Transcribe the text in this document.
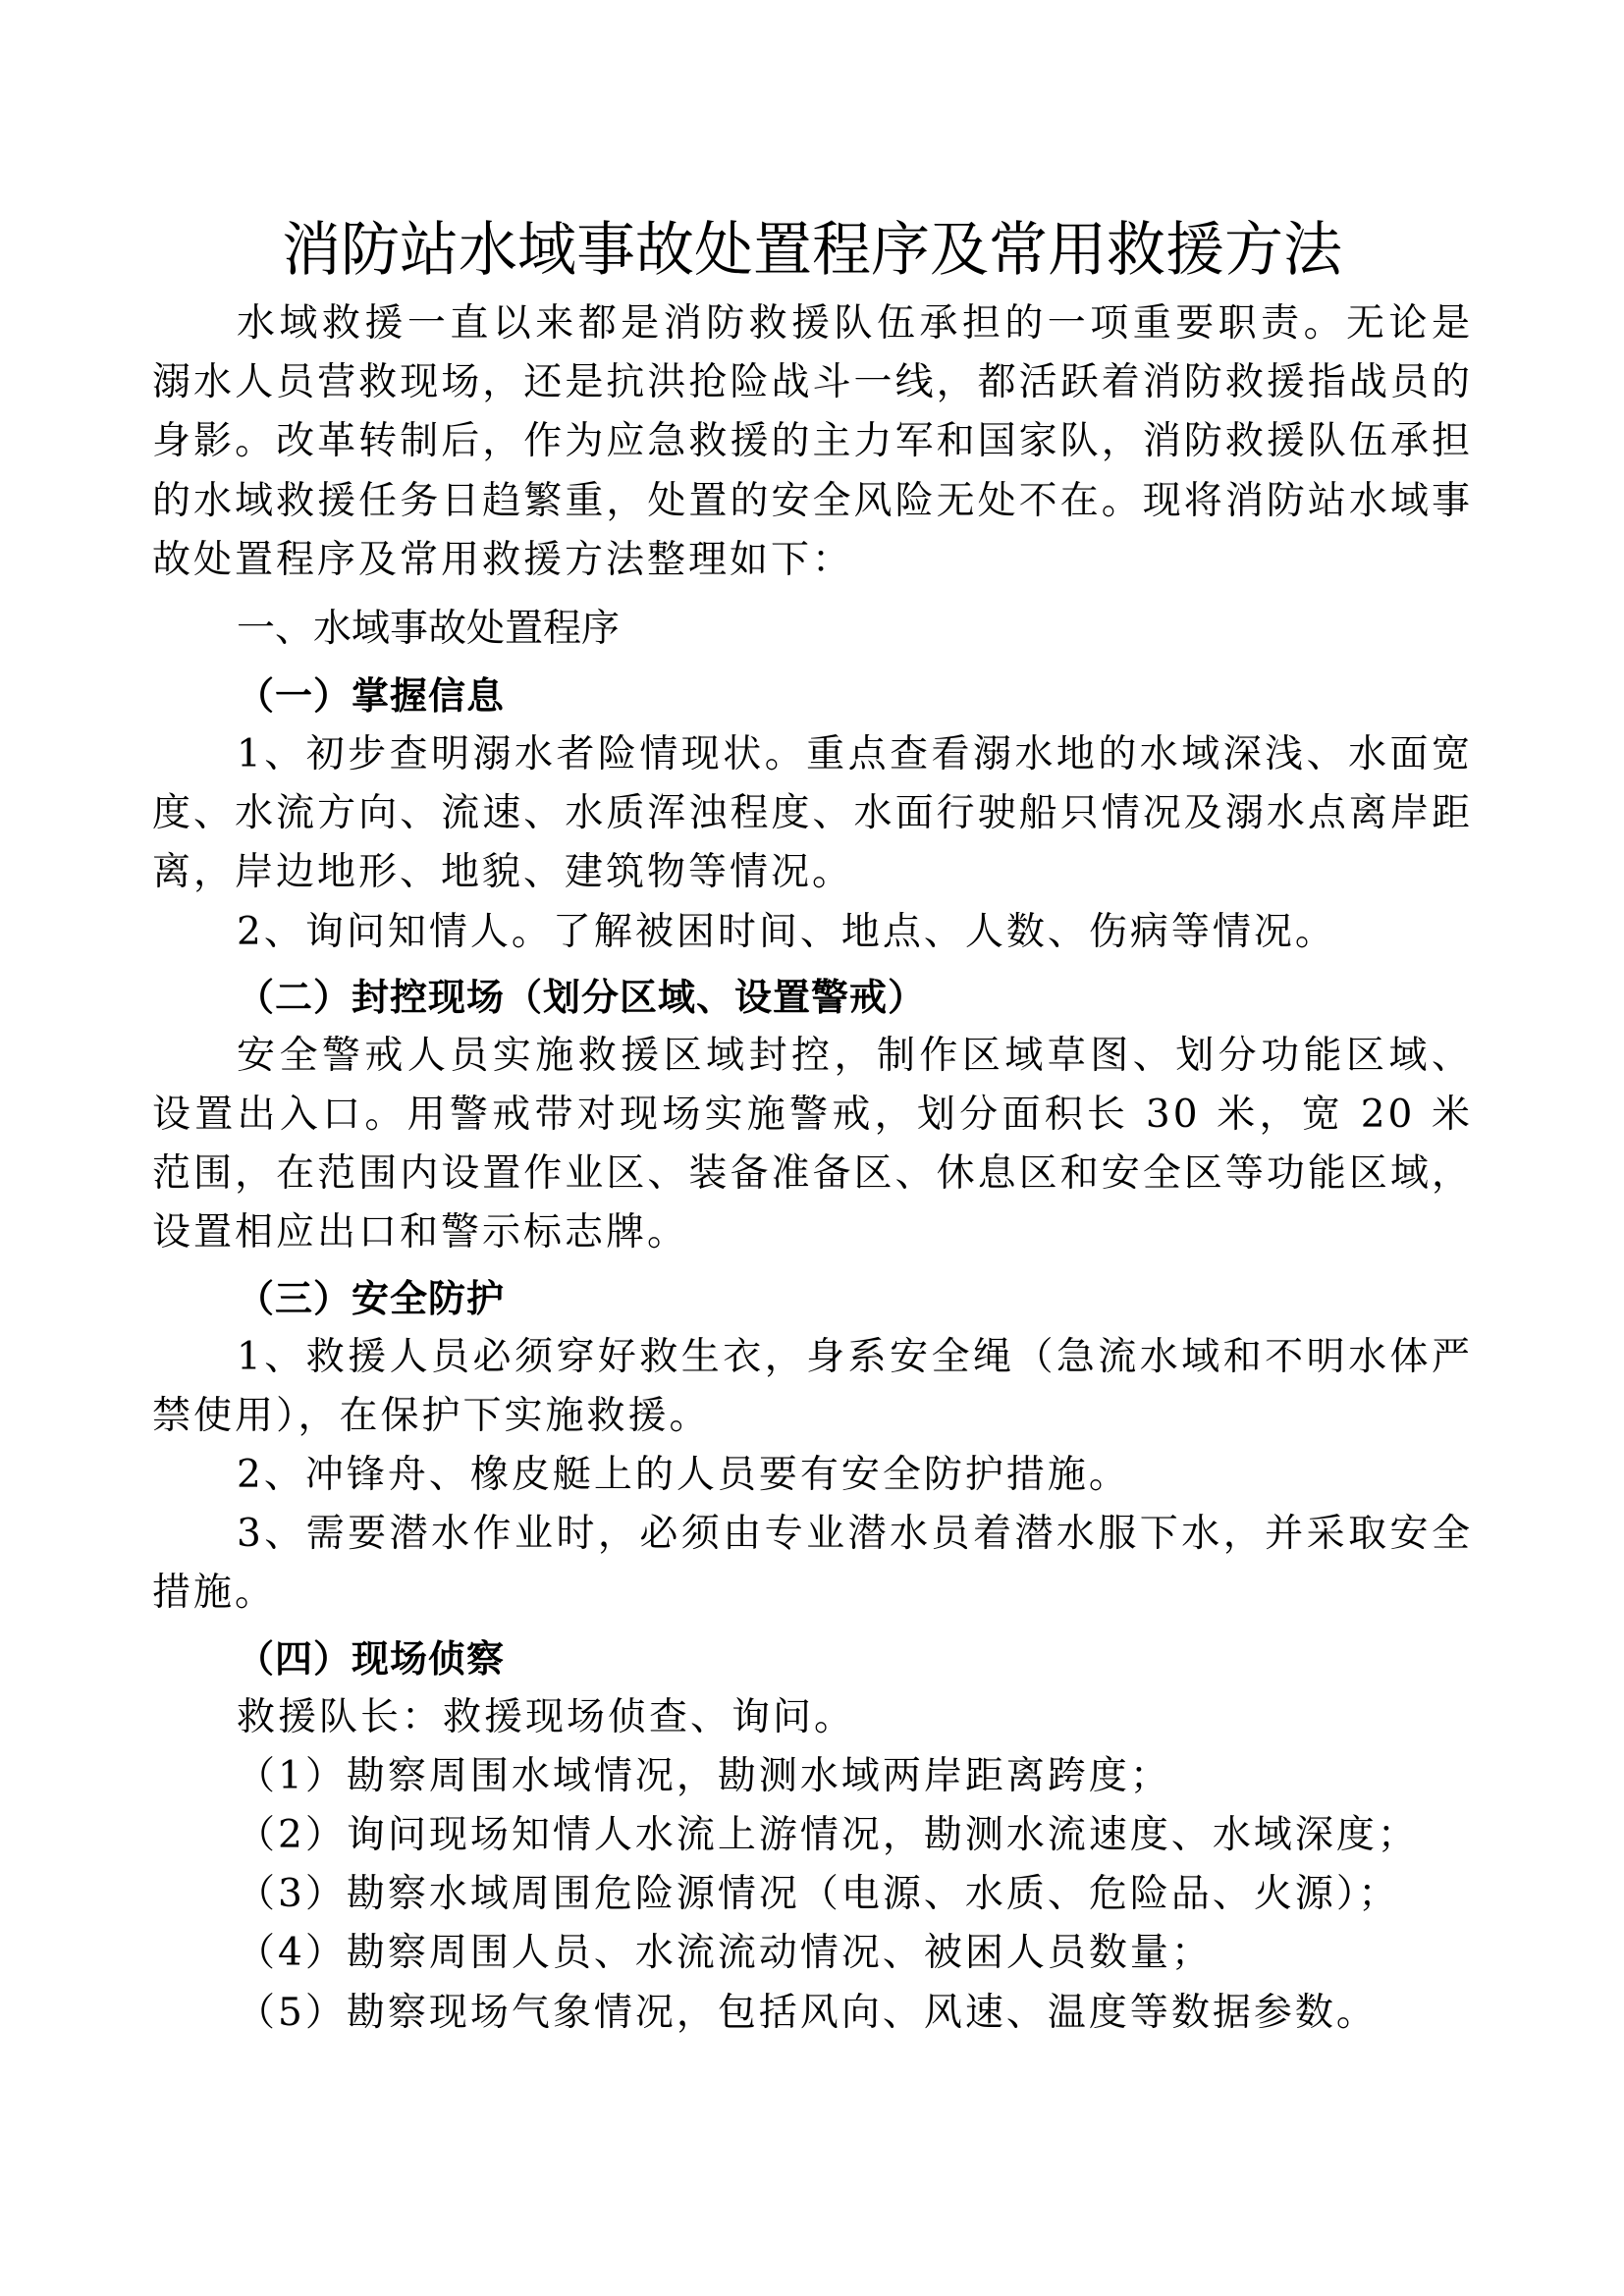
消防站水域事故处置程序及常用救援方法

水域救援一直以来都是消防救援队伍承担的一项重要职责。无论是溺水人员营救现场，还是抗洪抢险战斗一线，都活跃着消防救援指战员的身影。改革转制后，作为应急救援的主力军和国家队，消防救援队伍承担的水域救援任务日趋繁重，处置的安全风险无处不在。现将消防站水域事故处置程序及常用救援方法整理如下：

一、水域事故处置程序
（一）掌握信息

1、初步查明溺水者险情现状。重点查看溺水地的水域深浅、水面宽度、水流方向、流速、水质浑浊程度、水面行驶船只情况及溺水点离岸距离，岸边地形、地貌、建筑物等情况。

2、询问知情人。了解被困时间、地点、人数、伤病等情况。

（二）封控现场（划分区域、设置警戒）

安全警戒人员实施救援区域封控，制作区域草图、划分功能区域、设置出入口。用警戒带对现场实施警戒，划分面积长 30 米，宽 20 米范围，在范围内设置作业区、装备准备区、休息区和安全区等功能区域，设置相应出口和警示标志牌。

（三）安全防护

1、救援人员必须穿好救生衣，身系安全绳（急流水域和不明水体严禁使用），在保护下实施救援。

2、冲锋舟、橡皮艇上的人员要有安全防护措施。

3、需要潜水作业时，必须由专业潜水员着潜水服下水，并采取安全措施。

（四）现场侦察

救援队长：救援现场侦查、询问。

（1）勘察周围水域情况，勘测水域两岸距离跨度；

（2）询问现场知情人水流上游情况，勘测水流速度、水域深度；

（3）勘察水域周围危险源情况（电源、水质、危险品、火源）；

（4）勘察周围人员、水流流动情况、被困人员数量；

（5）勘察现场气象情况，包括风向、风速、温度等数据参数。
